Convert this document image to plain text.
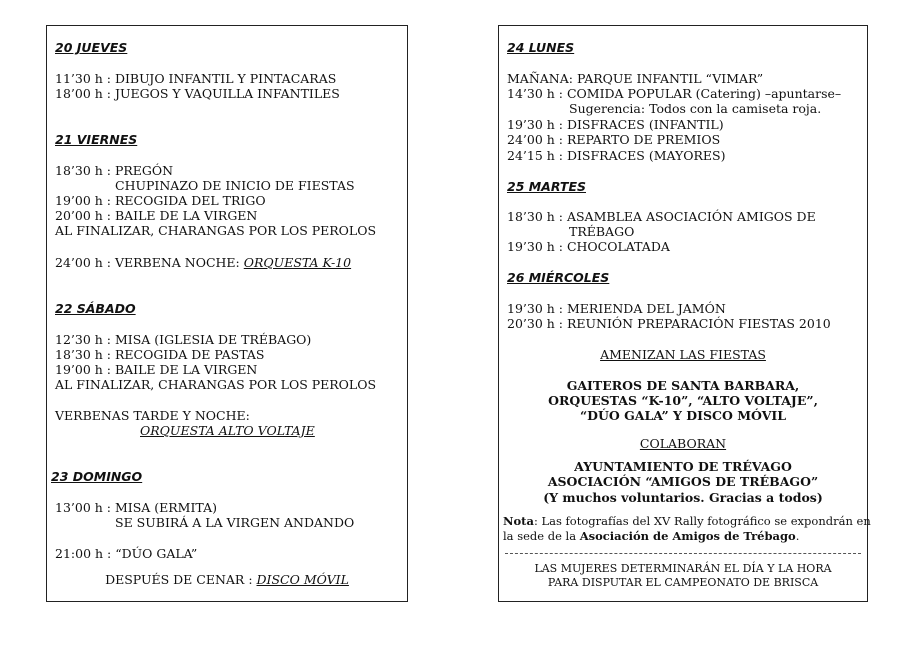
20 JUEVES
11’30 h : DIBUJO INFANTIL Y PINTACARAS
18’00 h : JUEGOS Y VAQUILLA INFANTILES
21 VIERNES
18’30 h : PREGÓN
CHUPINAZO DE INICIO DE FIESTAS
19’00 h : RECOGIDA DEL TRIGO
20’00 h : BAILE DE LA VIRGEN
AL FINALIZAR, CHARANGAS POR LOS PEROLOS
24’00 h : VERBENA NOCHE: ORQUESTA K-10
22 SÁBADO
12’30 h : MISA (IGLESIA DE TRÉBAGO)
18’30 h : RECOGIDA DE PASTAS
19’00 h : BAILE DE LA VIRGEN
AL FINALIZAR, CHARANGAS POR LOS PEROLOS
VERBENAS TARDE Y NOCHE:
ORQUESTA ALTO VOLTAJE
23 DOMINGO
13’00 h : MISA (ERMITA)
SE SUBIRÁ A LA VIRGEN ANDANDO
21:00 h : “DÚO GALA”
DESPUÉS DE CENAR : DISCO MÓVIL
24 LUNES
MAÑANA: PARQUE INFANTIL “VIMAR”
14’30 h : COMIDA POPULAR (Catering) –apuntarse–
Sugerencia: Todos con la camiseta roja.
19’30 h : DISFRACES (INFANTIL)
24’00 h : REPARTO DE PREMIOS
24’15 h : DISFRACES (MAYORES)
25 MARTES
18’30 h : ASAMBLEA ASOCIACIÓN AMIGOS DE
TRÉBAGO
19’30 h : CHOCOLATADA
26 MIÉRCOLES
19’30 h : MERIENDA DEL JAMÓN
20’30 h : REUNIÓN PREPARACIÓN FIESTAS 2010
AMENIZAN LAS FIESTAS
GAITEROS DE SANTA BARBARA,
ORQUESTAS “K-10”, “ALTO VOLTAJE”,
“DÚO GALA” Y DISCO MÓVIL
COLABORAN
AYUNTAMIENTO DE TRÉVAGO
ASOCIACIÓN “AMIGOS DE TRÉBAGO”
(Y muchos voluntarios. Gracias a todos)
Nota: Las fotografías del XV Rally fotográfico se expondrán en
la sede de la Asociación de Amigos de Trébago.
LAS MUJERES DETERMINARÁN EL DÍA Y LA HORA
PARA DISPUTAR EL CAMPEONATO DE BRISCA
